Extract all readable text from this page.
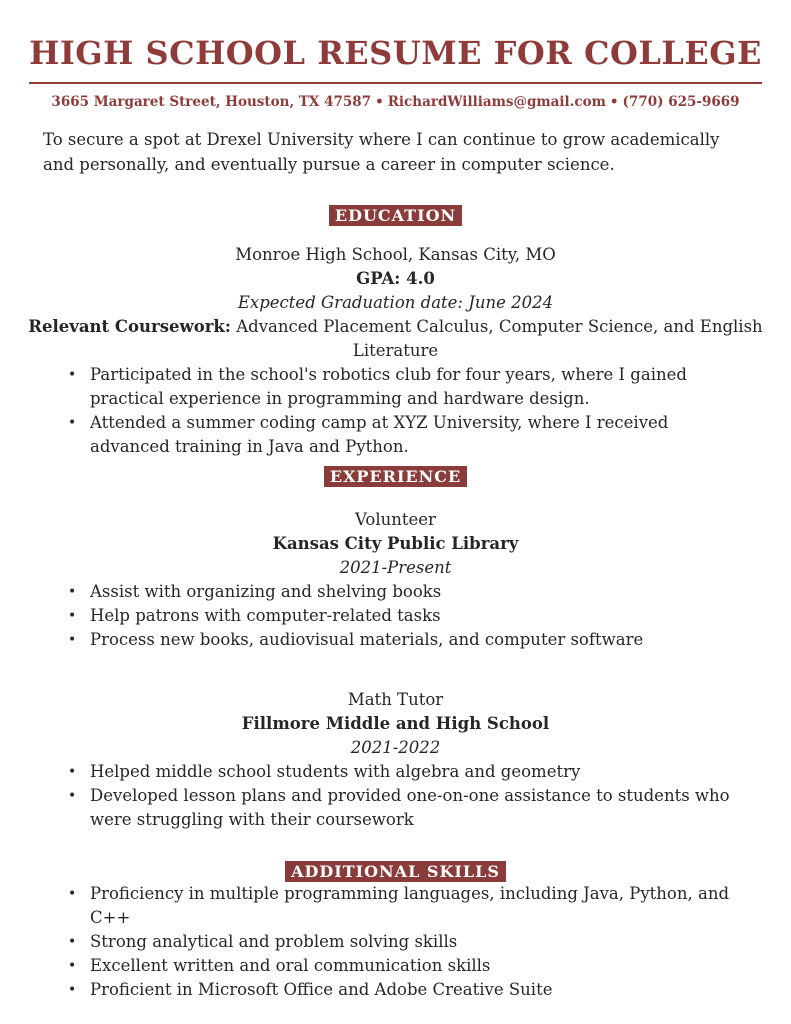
HIGH SCHOOL RESUME FOR COLLEGE
3665 Margaret Street, Houston, TX 47587 • RichardWilliams@gmail.com • (770) 625-9669

To secure a spot at Drexel University where I can continue to grow academically and personally, and eventually pursue a career in computer science.

EDUCATION
Monroe High School, Kansas City, MO
GPA: 4.0
Expected Graduation date: June 2024
Relevant Coursework: Advanced Placement Calculus, Computer Science, and English Literature
• Participated in the school's robotics club for four years, where I gained practical experience in programming and hardware design.
• Attended a summer coding camp at XYZ University, where I received advanced training in Java and Python.
EXPERIENCE
Volunteer
Kansas City Public Library
2021-Present
• Assist with organizing and shelving books
• Help patrons with computer-related tasks
• Process new books, audiovisual materials, and computer software
Math Tutor
Fillmore Middle and High School
2021-2022
• Helped middle school students with algebra and geometry
• Developed lesson plans and provided one-on-one assistance to students who were struggling with their coursework
ADDITIONAL SKILLS
• Proficiency in multiple programming languages, including Java, Python, and C++
• Strong analytical and problem solving skills
• Excellent written and oral communication skills
• Proficient in Microsoft Office and Adobe Creative Suite
